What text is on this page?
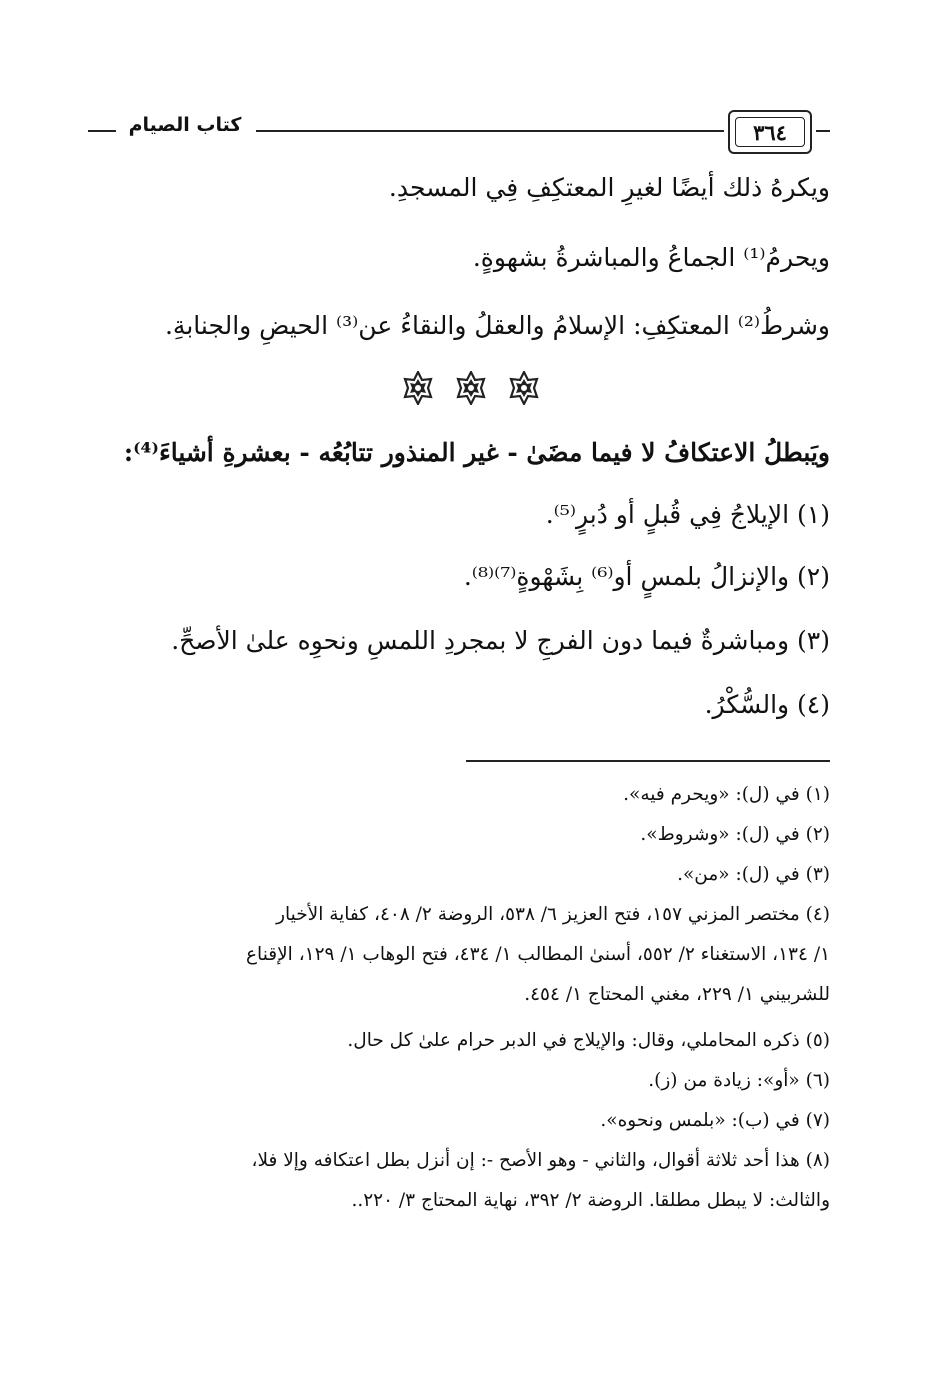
كتاب الصيام	٣٦٤
ويكرهُ ذلك أيضًا لغيرِ المعتكِفِ فِي المسجدِ.
ويحرمُ⁽¹⁾ الجماعُ والمباشرةُ بشهوةٍ.
وشرطُ⁽²⁾ المعتكِفِ: الإسلامُ والعقلُ والنقاءُ عن⁽³⁾ الحيضِ والجنابةِ.
ويَبطلُ الاعتكافُ لا فيما مضَىٰ - غير المنذور تتابُعُه - بعشرةِ أشياءَ⁽⁴⁾:
(١) الإيلاجُ فِي قُبلٍ أو دُبرٍ⁽⁵⁾.
(٢) والإنزالُ بلمسٍ أو⁽⁶⁾ بِشَهْوةٍ⁽⁷⁾⁽⁸⁾.
(٣) ومباشرةٌ فيما دون الفرجِ لا بمجردِ اللمسِ ونحوِه علىٰ الأصحِّ.
(٤) والسُّكْرُ.
(١) في (ل): «ويحرم فيه».
(٢) في (ل): «وشروط».
(٣) في (ل): «من».
(٤) مختصر المزني ١٥٧، فتح العزيز ٦/ ٥٣٨، الروضة ٢/ ٤٠٨، كفاية الأخيار
١/ ١٣٤، الاستغناء ٢/ ٥٥٢، أسنىٰ المطالب ١/ ٤٣٤، فتح الوهاب ١/ ١٢٩، الإقناع
للشربيني ١/ ٢٢٩، مغني المحتاج ١/ ٤٥٤.
(٥) ذكره المحاملي، وقال: والإيلاج في الدبر حرام علىٰ كل حال.
(٦) «أو»: زيادة من (ز).
(٧) في (ب): «بلمس ونحوه».
(٨) هذا أحد ثلاثة أقوال، والثاني - وهو الأصح -: إن أنزل بطل اعتكافه وإلا فلا،
والثالث: لا يبطل مطلقا. الروضة ٢/ ٣٩٢، نهاية المحتاج ٣/ ٢٢٠..
